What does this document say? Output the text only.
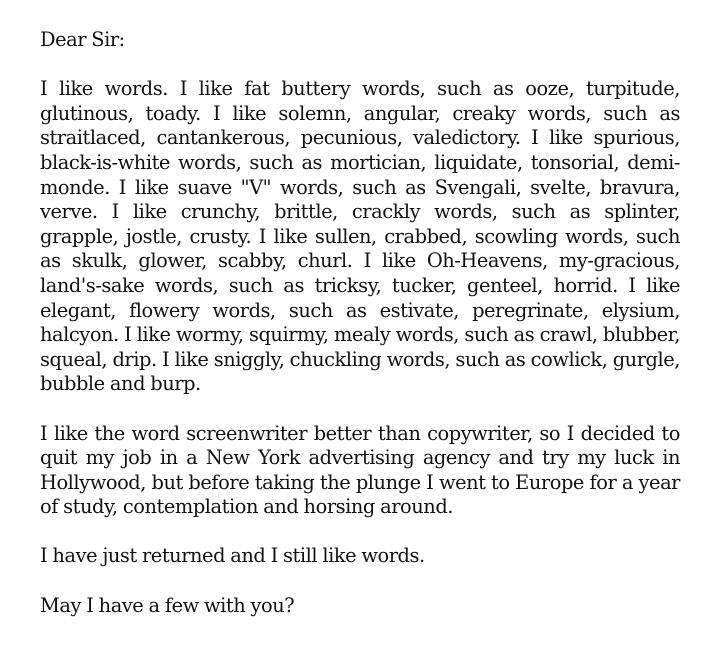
Dear Sir:

I like words. I like fat buttery words, such as ooze, turpitude, glutinous, toady. I like solemn, angular, creaky words, such as straitlaced, cantankerous, pecunious, valedictory. I like spurious, black-is-white words, such as mortician, liquidate, tonsorial, demi-monde. I like suave "V" words, such as Svengali, svelte, bravura, verve. I like crunchy, brittle, crackly words, such as splinter, grapple, jostle, crusty. I like sullen, crabbed, scowling words, such as skulk, glower, scabby, churl. I like Oh-Heavens, my-gracious, land's-sake words, such as tricksy, tucker, genteel, horrid. I like elegant, flowery words, such as estivate, peregrinate, elysium, halcyon. I like wormy, squirmy, mealy words, such as crawl, blubber, squeal, drip. I like sniggly, chuckling words, such as cowlick, gurgle, bubble and burp.

I like the word screenwriter better than copywriter, so I decided to quit my job in a New York advertising agency and try my luck in Hollywood, but before taking the plunge I went to Europe for a year of study, contemplation and horsing around.

I have just returned and I still like words.

May I have a few with you?
